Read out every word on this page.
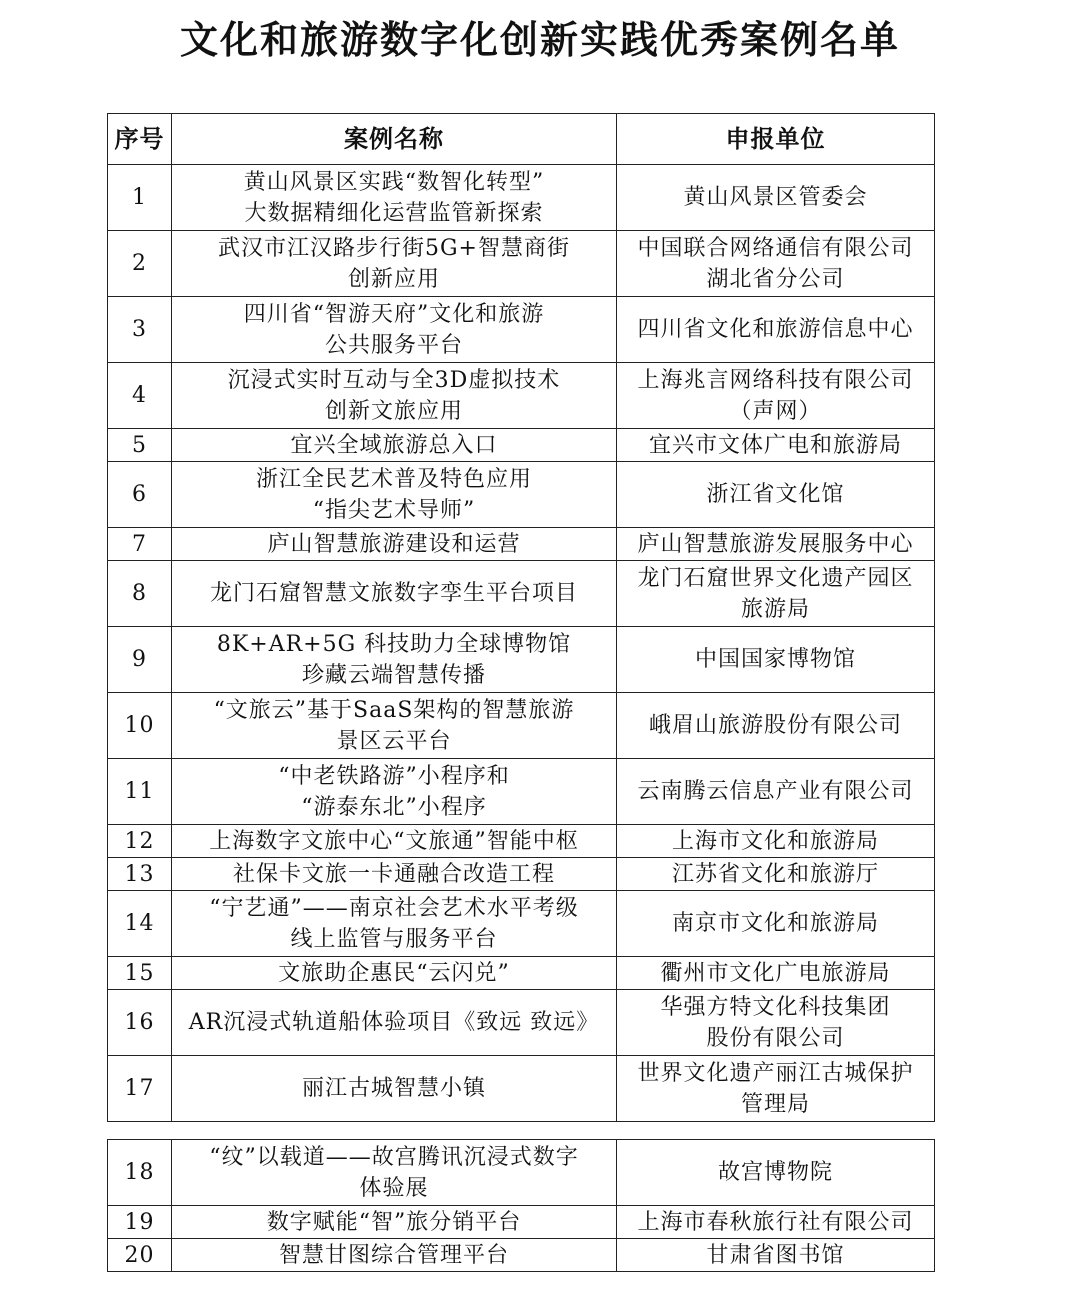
文化和旅游数字化创新实践优秀案例名单
序号	案例名称	申报单位

1	黄山风景区实践“数智化转型”
大数据精细化运营监管新探索	黄山风景区管委会

2	武汉市江汉路步行街5G+智慧商街
创新应用	中国联合网络通信有限公司
湖北省分公司

3	四川省“智游天府”文化和旅游
公共服务平台	四川省文化和旅游信息中心

4	沉浸式实时互动与全3D虚拟技术
创新文旅应用	上海兆言网络科技有限公司
（声网）

5	宜兴全域旅游总入口	宜兴市文体广电和旅游局

6	浙江全民艺术普及特色应用
“指尖艺术导师”	浙江省文化馆

7	庐山智慧旅游建设和运营	庐山智慧旅游发展服务中心

8	龙门石窟智慧文旅数字孪生平台项目	龙门石窟世界文化遗产园区
旅游局

9	8K+AR+5G 科技助力全球博物馆
珍藏云端智慧传播	中国国家博物馆

10	“文旅云”基于SaaS架构的智慧旅游
景区云平台	峨眉山旅游股份有限公司

11	“中老铁路游”小程序和
“游泰东北”小程序	云南腾云信息产业有限公司

12	上海数字文旅中心“文旅通”智能中枢	上海市文化和旅游局

13	社保卡文旅一卡通融合改造工程	江苏省文化和旅游厅

14	“宁艺通”——南京社会艺术水平考级
线上监管与服务平台	南京市文化和旅游局

15	文旅助企惠民“云闪兑”	衢州市文化广电旅游局

16	AR沉浸式轨道船体验项目《致远 致远》	华强方特文化科技集团
股份有限公司

17	丽江古城智慧小镇	世界文化遗产丽江古城保护
管理局
18	“纹”以载道——故宫腾讯沉浸式数字
体验展	故宫博物院

19	数字赋能“智”旅分销平台	上海市春秋旅行社有限公司

20	智慧甘图综合管理平台	甘肃省图书馆
